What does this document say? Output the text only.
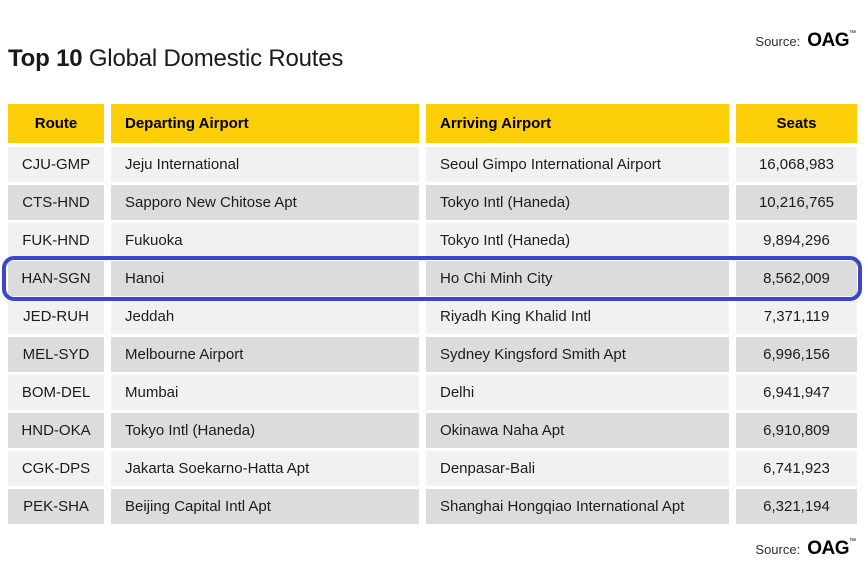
Source: OAG™
Top 10 Global Domestic Routes
Route	Departing Airport	Arriving Airport	Seats
CJU-GMP	Jeju International	Seoul Gimpo International Airport	16,068,983
CTS-HND	Sapporo New Chitose Apt	Tokyo Intl (Haneda)	10,216,765
FUK-HND	Fukuoka	Tokyo Intl (Haneda)	9,894,296
HAN-SGN	Hanoi	Ho Chi Minh City	8,562,009
JED-RUH	Jeddah	Riyadh King Khalid Intl	7,371,119
MEL-SYD	Melbourne Airport	Sydney Kingsford Smith Apt	6,996,156
BOM-DEL	Mumbai	Delhi	6,941,947
HND-OKA	Tokyo Intl (Haneda)	Okinawa Naha Apt	6,910,809
CGK-DPS	Jakarta Soekarno-Hatta Apt	Denpasar-Bali	6,741,923
PEK-SHA	Beijing Capital Intl Apt	Shanghai Hongqiao International Apt	6,321,194
Source: OAG™
